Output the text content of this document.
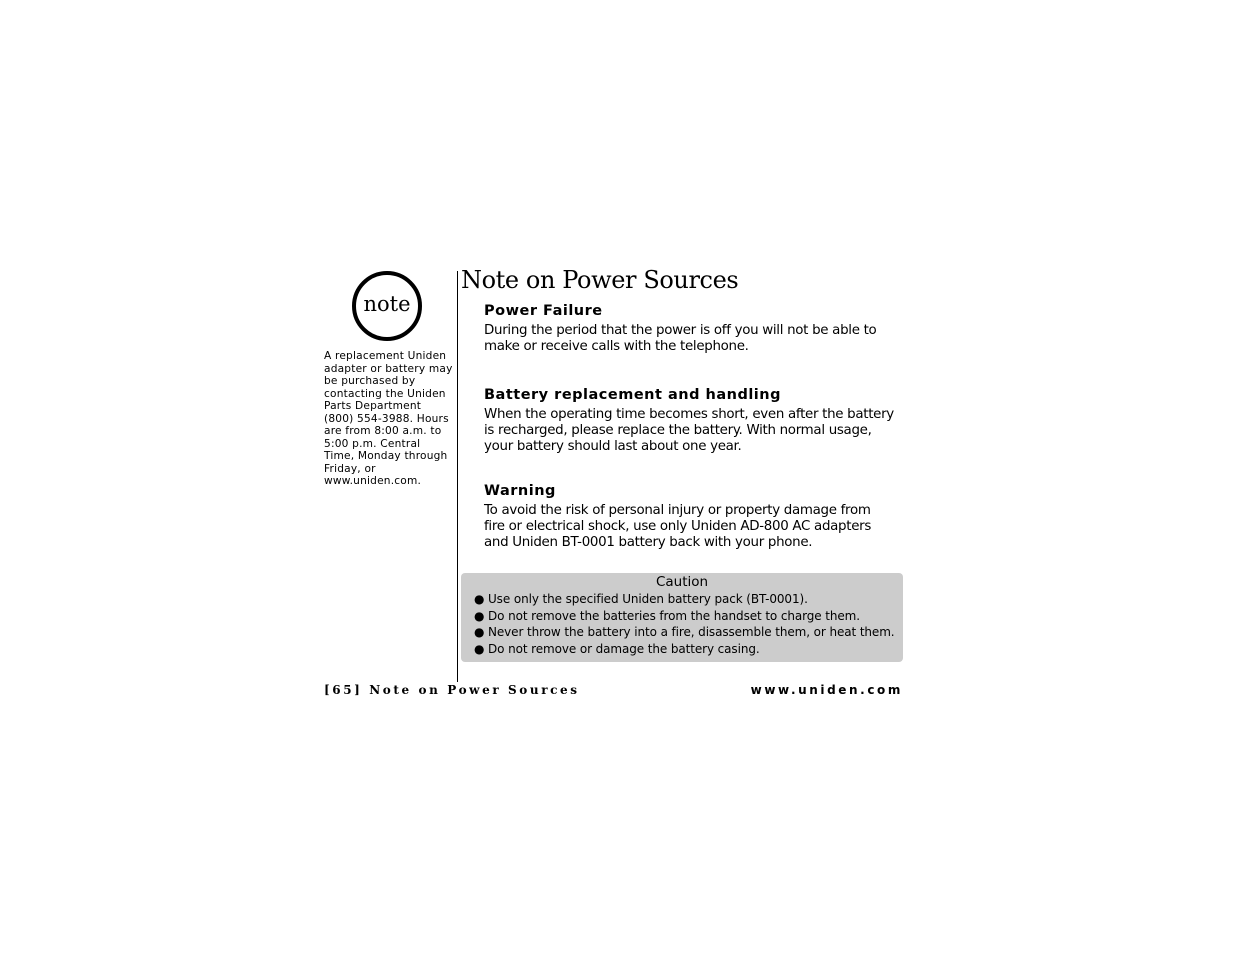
note
A replacement Uniden
adapter or battery may
be purchased by
contacting the Uniden
Parts Department
(800) 554-3988. Hours
are from 8:00 a.m. to
5:00 p.m. Central
Time, Monday through
Friday, or
www.uniden.com.
Note on Power Sources
Power Failure

During the period that the power is off you will not be able to
make or receive calls with the telephone.

Battery replacement and handling

When the operating time becomes short, even after the battery
is recharged, please replace the battery. With normal usage,
your battery should last about one year.

Warning

To avoid the risk of personal injury or property damage from
fire or electrical shock, use only Uniden AD-800 AC adapters
and Uniden BT-0001 battery back with your phone.

Caution
● Use only the specified Uniden battery pack (BT-0001).
● Do not remove the batteries from the handset to charge them.
● Never throw the battery into a fire, disassemble them, or heat them.
● Do not remove or damage the battery casing.
[65] Note on Power Sources	www.uniden.com
